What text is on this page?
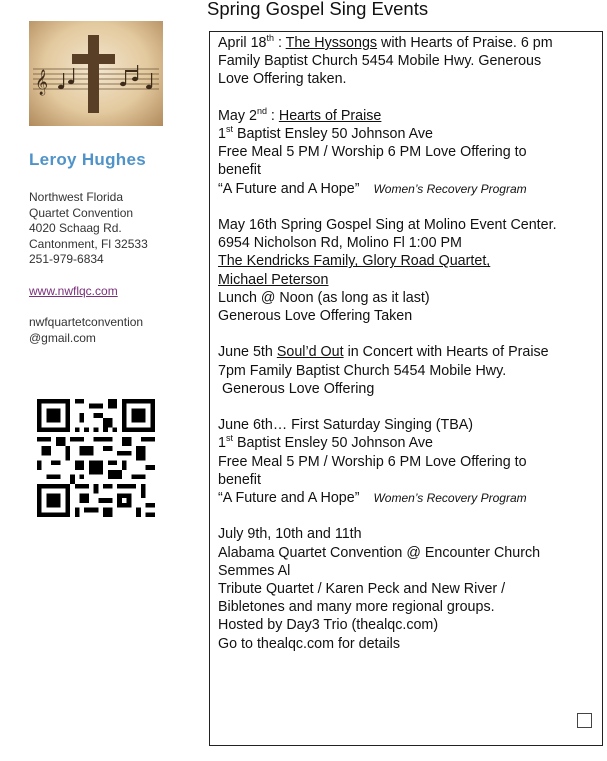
𝄞
Leroy Hughes
Northwest Florida
Quartet Convention
4020 Schaag Rd.
Cantonment, Fl 32533
251-979-6834
www.nwflqc.com
nwfquartetconvention
@gmail.com
Spring Gospel Sing Events
April 18th : The Hyssongs with Hearts of Praise. 6 pm
Family Baptist Church 5454 Mobile Hwy. Generous
Love Offering taken.
May 2nd : Hearts of Praise
1st Baptist Ensley 50 Johnson Ave
Free Meal 5 PM / Worship 6 PM Love Offering to
benefit
“A Future and A Hope” Women’s Recovery Program
May 16th Spring Gospel Sing at Molino Event Center.
6954 Nicholson Rd, Molino Fl 1:00 PM
The Kendricks Family, Glory Road Quartet,
Michael Peterson
Lunch @ Noon (as long as it last)
Generous Love Offering Taken
June 5th Soul’d Out in Concert with Hearts of Praise
7pm Family Baptist Church 5454 Mobile Hwy.
Generous Love Offering
June 6th… First Saturday Singing (TBA)
1st Baptist Ensley 50 Johnson Ave
Free Meal 5 PM / Worship 6 PM Love Offering to
benefit
“A Future and A Hope” Women’s Recovery Program
July 9th, 10th and 11th
Alabama Quartet Convention @ Encounter Church
Semmes Al
Tribute Quartet / Karen Peck and New River /
Bibletones and many more regional groups.
Hosted by Day3 Trio (thealqc.com)
Go to thealqc.com for details
